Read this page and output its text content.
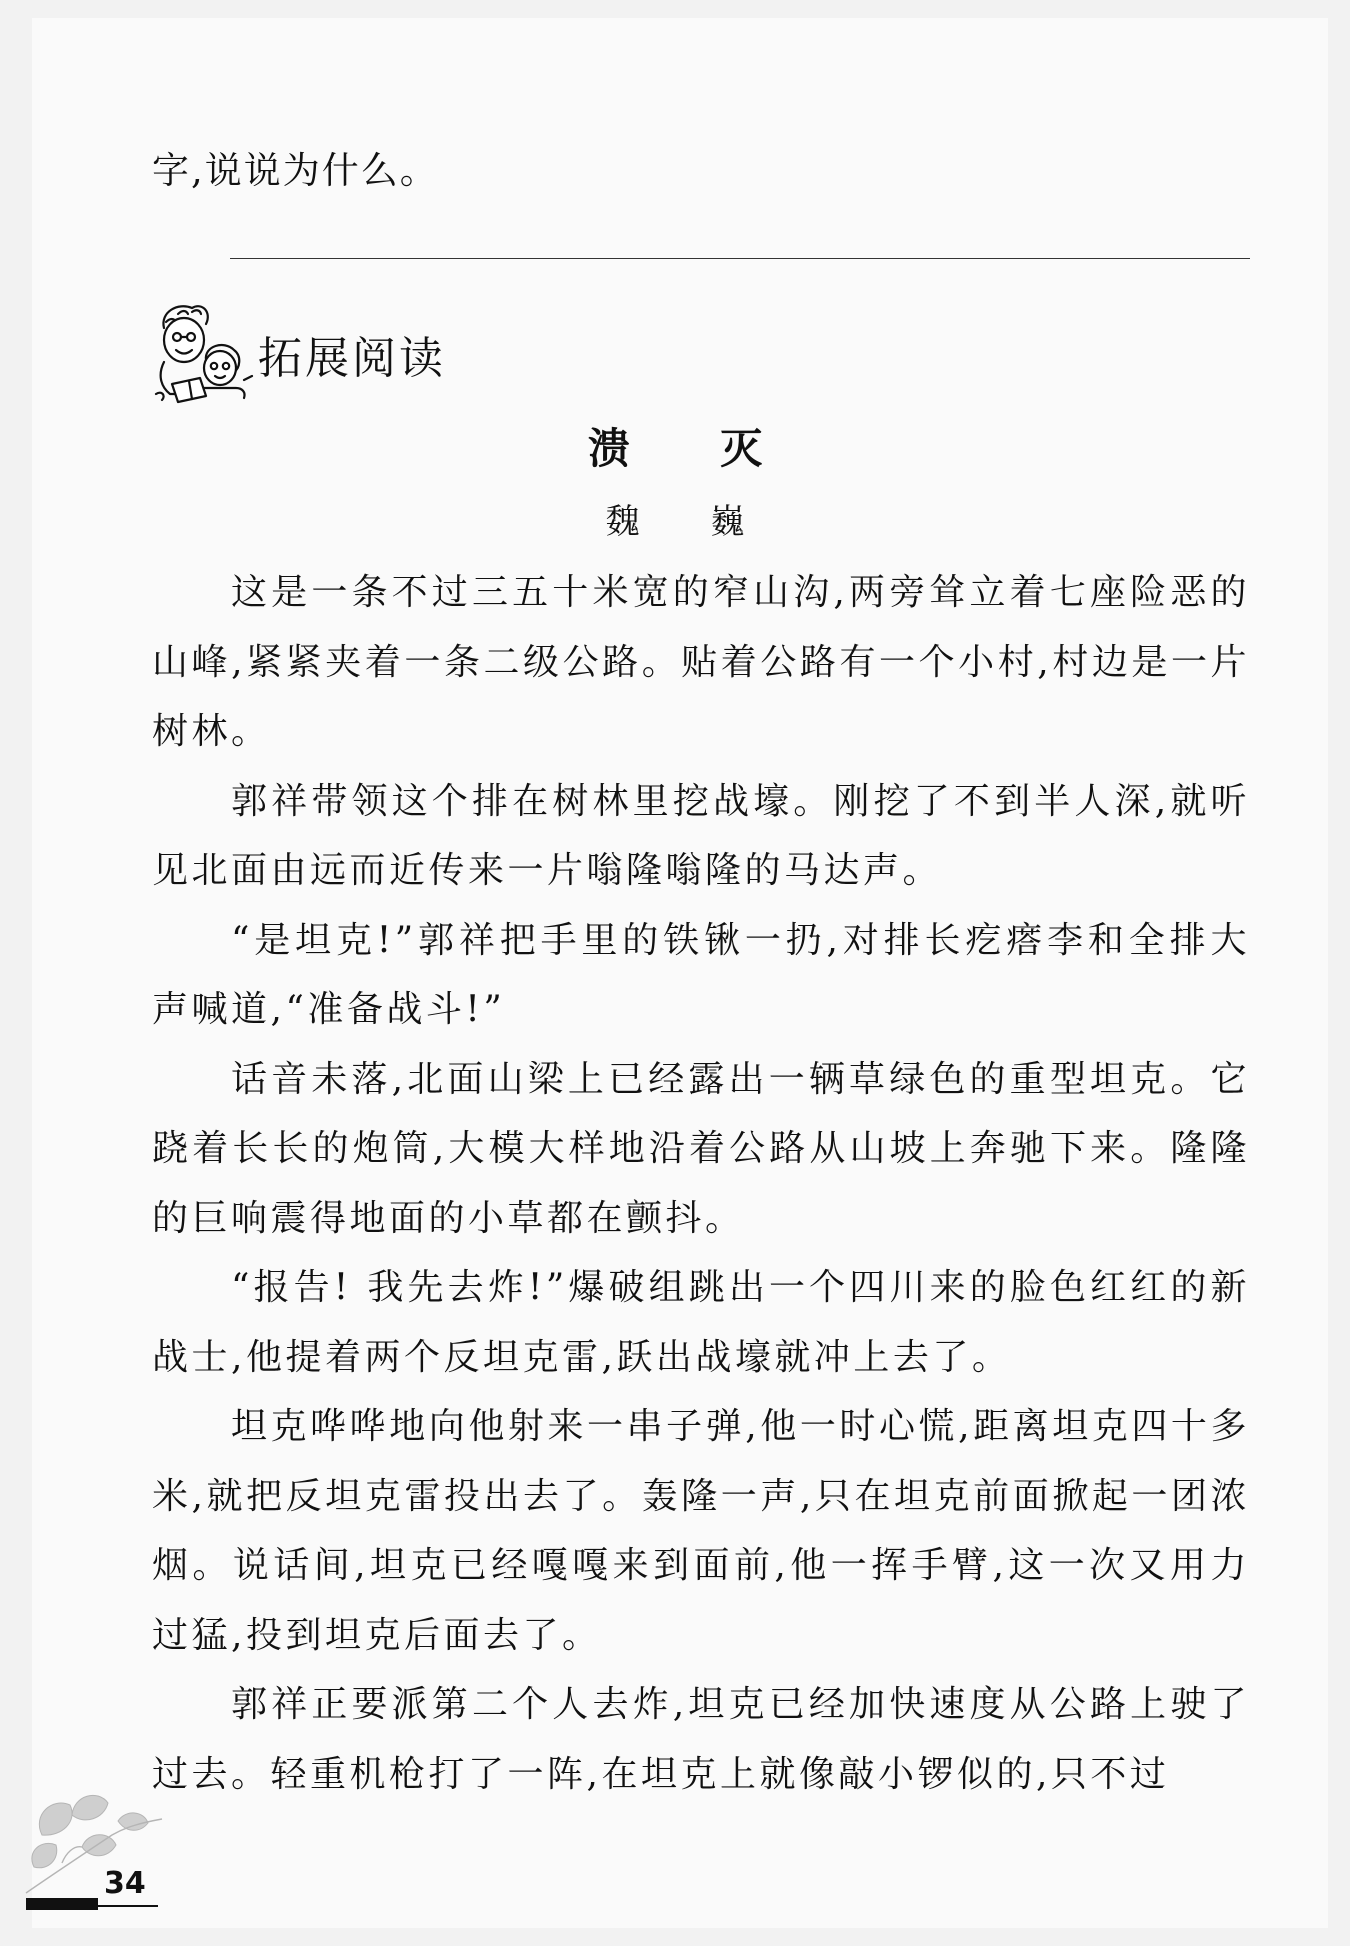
字,说说为什么。
拓展阅读
溃 灭
魏 巍

这是一条不过三五十米宽的窄山沟,两旁耸立着七座险恶的山峰,紧紧夹着一条二级公路。贴着公路有一个小村,村边是一片树林。

郭祥带领这个排在树林里挖战壕。刚挖了不到半人深,就听见北面由远而近传来一片嗡隆嗡隆的马达声。

“是坦克!”郭祥把手里的铁锹一扔,对排长疙瘩李和全排大声喊道,“准备战斗!”

话音未落,北面山梁上已经露出一辆草绿色的重型坦克。它跷着长长的炮筒,大模大样地沿着公路从山坡上奔驰下来。隆隆的巨响震得地面的小草都在颤抖。

“报告! 我先去炸!”爆破组跳出一个四川来的脸色红红的新战士,他提着两个反坦克雷,跃出战壕就冲上去了。

坦克哗哗地向他射来一串子弹,他一时心慌,距离坦克四十多米,就把反坦克雷投出去了。轰隆一声,只在坦克前面掀起一团浓烟。说话间,坦克已经嘎嘎来到面前,他一挥手臂,这一次又用力过猛,投到坦克后面去了。

郭祥正要派第二个人去炸,坦克已经加快速度从公路上驶了过去。轻重机枪打了一阵,在坦克上就像敲小锣似的,只不过

34
